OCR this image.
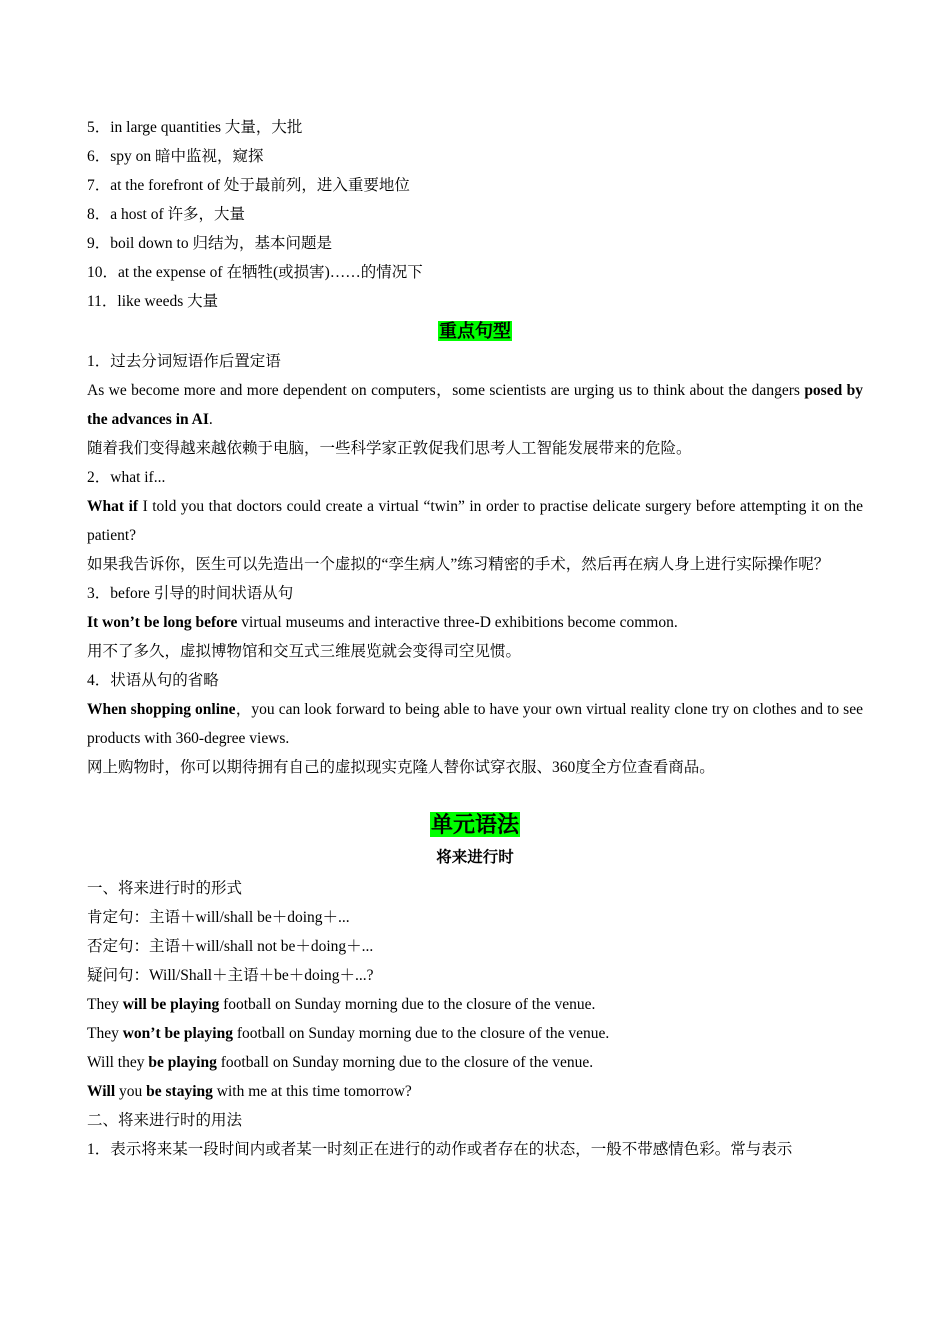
5．in large quantities 大量，大批
6．spy on 暗中监视，窥探
7．at the forefront of 处于最前列，进入重要地位
8．a host of 许多，大量
9．boil down to 归结为，基本问题是
10．at the expense of 在牺牲(或损害)……的情况下
11．like weeds 大量
重点句型
1．过去分词短语作后置定语
As we become more and more dependent on computers，some scientists are urging us to think about the dangers posed by the advances in AI.
随着我们变得越来越依赖于电脑，一些科学家正敦促我们思考人工智能发展带来的危险。
2．what if...
What if I told you that doctors could create a virtual “twin” in order to practise delicate surgery before attempting it on the patient?
如果我告诉你，医生可以先造出一个虚拟的“孪生病人”练习精密的手术，然后再在病人身上进行实际操作呢？
3．before 引导的时间状语从句
It won’t be long before virtual museums and interactive three-D exhibitions become common.
用不了多久，虚拟博物馆和交互式三维展览就会变得司空见惯。
4．状语从句的省略
When shopping online，you can look forward to being able to have your own virtual reality clone try on clothes and to see products with 360-degree views.
网上购物时，你可以期待拥有自己的虚拟现实克隆人替你试穿衣服、360度全方位查看商品。
单元语法
将来进行时
一、将来进行时的形式
肯定句：主语＋will/shall be＋doing＋...
否定句：主语＋will/shall not be＋doing＋...
疑问句：Will/Shall＋主语＋be＋doing＋...?
They will be playing football on Sunday morning due to the closure of the venue.
They won’t be playing football on Sunday morning due to the closure of the venue.
Will they be playing football on Sunday morning due to the closure of the venue.
Will you be staying with me at this time tomorrow?
二、将来进行时的用法
1．表示将来某一段时间内或者某一时刻正在进行的动作或者存在的状态，一般不带感情色彩。常与表示
